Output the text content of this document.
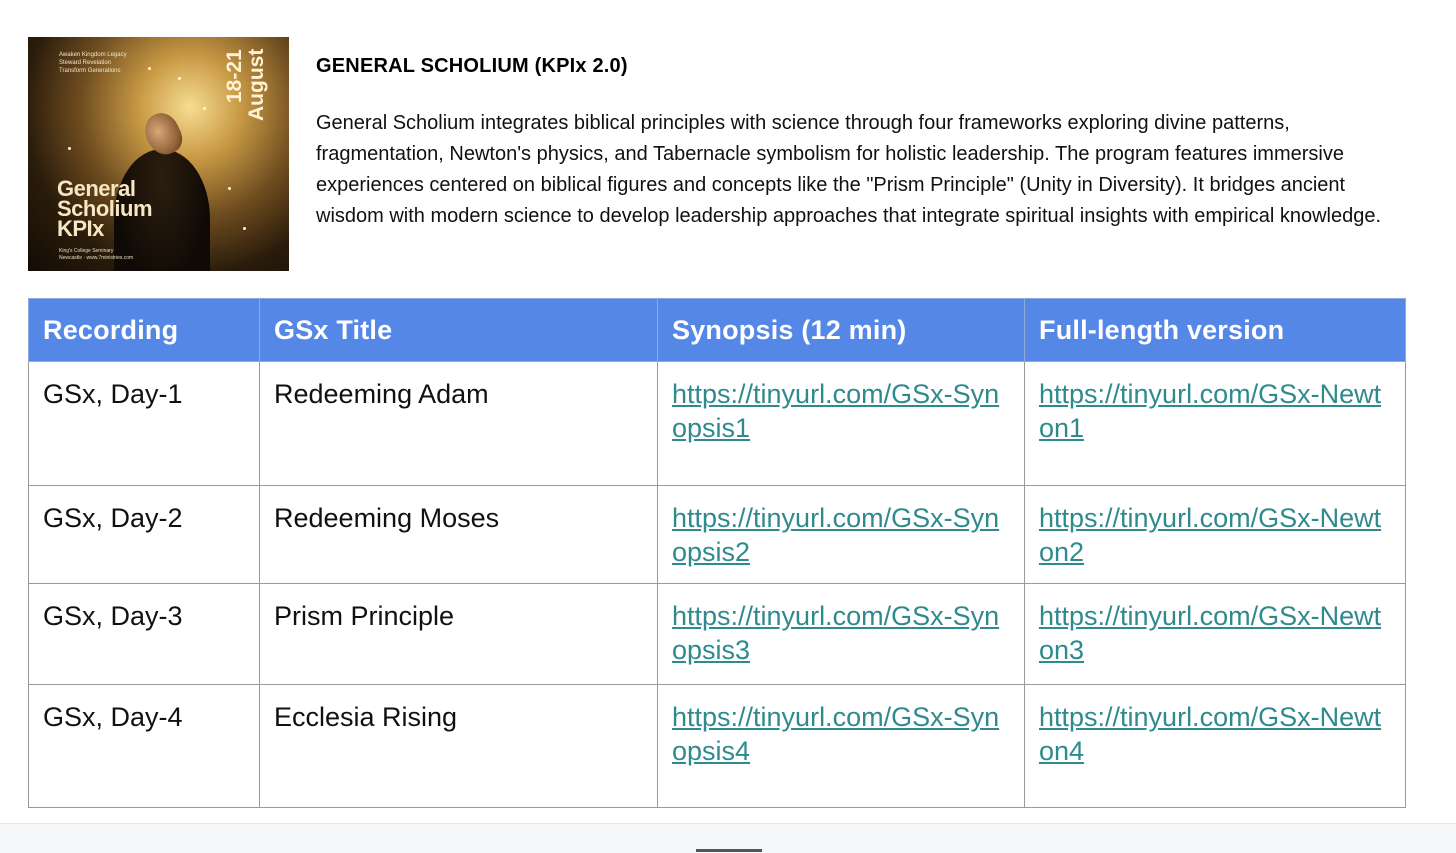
Awaken Kingdom Legacy
Steward Revelation
Transform Generations	18-21
August
General
Scholium
KPIx
King's College Seminary
Newcastle · www.7ministries.com
GENERAL SCHOLIUM (KPIx 2.0)
General Scholium integrates biblical principles with science through four frameworks exploring divine patterns, fragmentation, Newton's physics, and Tabernacle symbolism for holistic leadership. The program features immersive experiences centered on biblical figures and concepts like the "Prism Principle" (Unity in Diversity). It bridges ancient wisdom with modern science to develop leadership approaches that integrate spiritual insights with empirical knowledge.
Recording	GSx Title	Synopsis (12 min)	Full-length version
GSx, Day-1	Redeeming Adam	https://tinyurl.com/GSx-Synopsis1	https://tinyurl.com/GSx-Newton1
GSx, Day-2	Redeeming Moses	https://tinyurl.com/GSx-Synopsis2	https://tinyurl.com/GSx-Newton2
GSx, Day-3	Prism Principle	https://tinyurl.com/GSx-Synopsis3	https://tinyurl.com/GSx-Newton3
GSx, Day-4	Ecclesia Rising	https://tinyurl.com/GSx-Synopsis4	https://tinyurl.com/GSx-Newton4
